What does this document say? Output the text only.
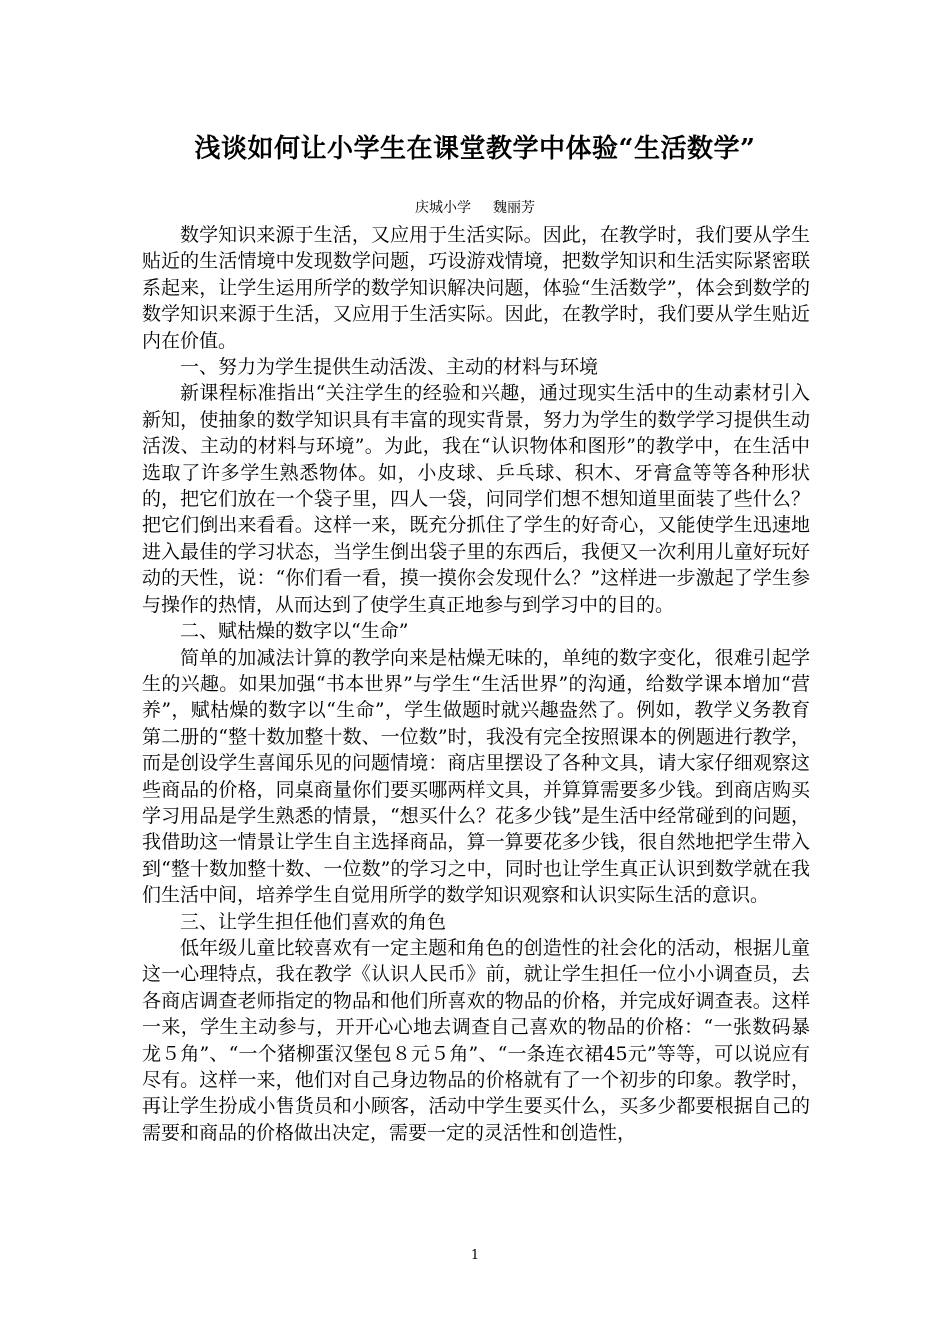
浅谈如何让小学生在课堂教学中体验“生活数学”
庆城小学 魏丽芳

数学知识来源于生活，又应用于生活实际。因此，在教学时，我们要从学生贴近的生活情境中发现数学问题，巧设游戏情境，把数学知识和生活实际紧密联系起来，让学生运用所学的数学知识解决问题，体验“生活数学”，体会到数学的数学知识来源于生活，又应用于生活实际。因此，在教学时，我们要从学生贴近内在价值。

一、努力为学生提供生动活泼、主动的材料与环境

新课程标准指出“关注学生的经验和兴趣，通过现实生活中的生动素材引入新知，使抽象的数学知识具有丰富的现实背景，努力为学生的数学学习提供生动活泼、主动的材料与环境”。为此，我在“认识物体和图形”的教学中，在生活中选取了许多学生熟悉物体。如，小皮球、乒乓球、积木、牙膏盒等等各种形状的，把它们放在一个袋子里，四人一袋，问同学们想不想知道里面装了些什么？把它们倒出来看看。这样一来，既充分抓住了学生的好奇心，又能使学生迅速地进入最佳的学习状态，当学生倒出袋子里的东西后，我便又一次利用儿童好玩好动的天性，说：“你们看一看，摸一摸你会发现什么？”这样进一步激起了学生参与操作的热情，从而达到了使学生真正地参与到学习中的目的。

二、赋枯燥的数字以“生命”

简单的加减法计算的教学向来是枯燥无味的，单纯的数字变化，很难引起学生的兴趣。如果加强“书本世界”与学生“生活世界”的沟通，给数学课本增加“营养”，赋枯燥的数字以“生命”，学生做题时就兴趣盎然了。例如，教学义务教育第二册的“整十数加整十数、一位数”时，我没有完全按照课本的例题进行教学，而是创设学生喜闻乐见的问题情境：商店里摆设了各种文具，请大家仔细观察这些商品的价格，同桌商量你们要买哪两样文具，并算算需要多少钱。到商店购买学习用品是学生熟悉的情景，“想买什么？花多少钱”是生活中经常碰到的问题，我借助这一情景让学生自主选择商品，算一算要花多少钱，很自然地把学生带入到“整十数加整十数、一位数”的学习之中，同时也让学生真正认识到数学就在我们生活中间，培养学生自觉用所学的数学知识观察和认识实际生活的意识。

三、让学生担任他们喜欢的角色

低年级儿童比较喜欢有一定主题和角色的创造性的社会化的活动，根据儿童这一心理特点，我在教学《认识人民币》前，就让学生担任一位小小调查员，去各商店调查老师指定的物品和他们所喜欢的物品的价格，并完成好调查表。这样一来，学生主动参与，开开心心地去调查自己喜欢的物品的价格：“一张数码暴龙５角”、“一个猪柳蛋汉堡包８元５角”、“一条连衣裙45元”等等，可以说应有尽有。这样一来，他们对自己身边物品的价格就有了一个初步的印象。教学时，再让学生扮成小售货员和小顾客，活动中学生要买什么，买多少都要根据自己的需要和商品的价格做出决定，需要一定的灵活性和创造性，

1
